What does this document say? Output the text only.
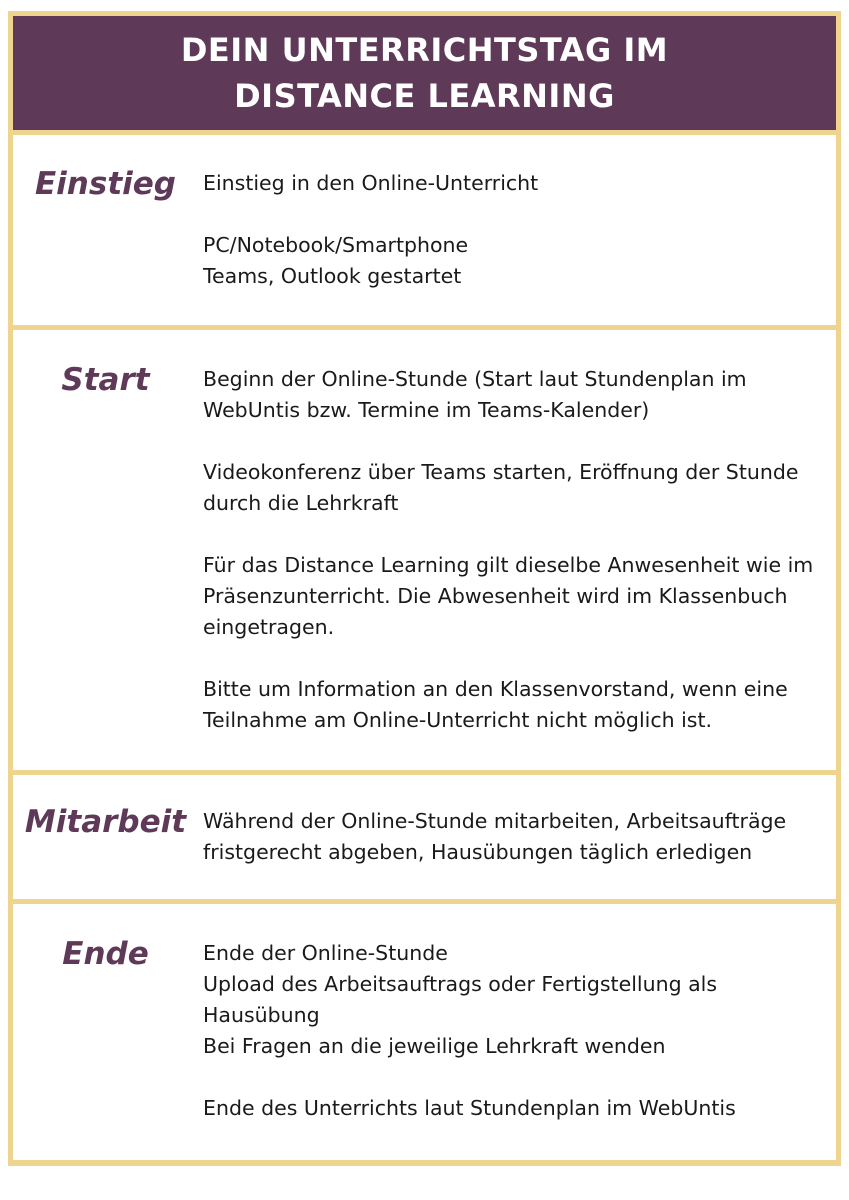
DEIN UNTERRICHTSTAG IM
DISTANCE LEARNING
Einstieg	Einstieg in den Online-Unterricht
PC/Notebook/Smartphone
Teams, Outlook gestartet
Start	Beginn der Online-Stunde (Start laut Stundenplan im
WebUntis bzw. Termine im Teams-Kalender)
Videokonferenz über Teams starten, Eröffnung der Stunde
durch die Lehrkraft
Für das Distance Learning gilt dieselbe Anwesenheit wie im
Präsenzunterricht. Die Abwesenheit wird im Klassenbuch
eingetragen.
Bitte um Information an den Klassenvorstand, wenn eine
Teilnahme am Online-Unterricht nicht möglich ist.
Mitarbeit Während der Online-Stunde mitarbeiten, Arbeitsaufträge
fristgerecht abgeben, Hausübungen täglich erledigen
Ende	Ende der Online-Stunde
Upload des Arbeitsauftrags oder Fertigstellung als
Hausübung
Bei Fragen an die jeweilige Lehrkraft wenden
Ende des Unterrichts laut Stundenplan im WebUntis
